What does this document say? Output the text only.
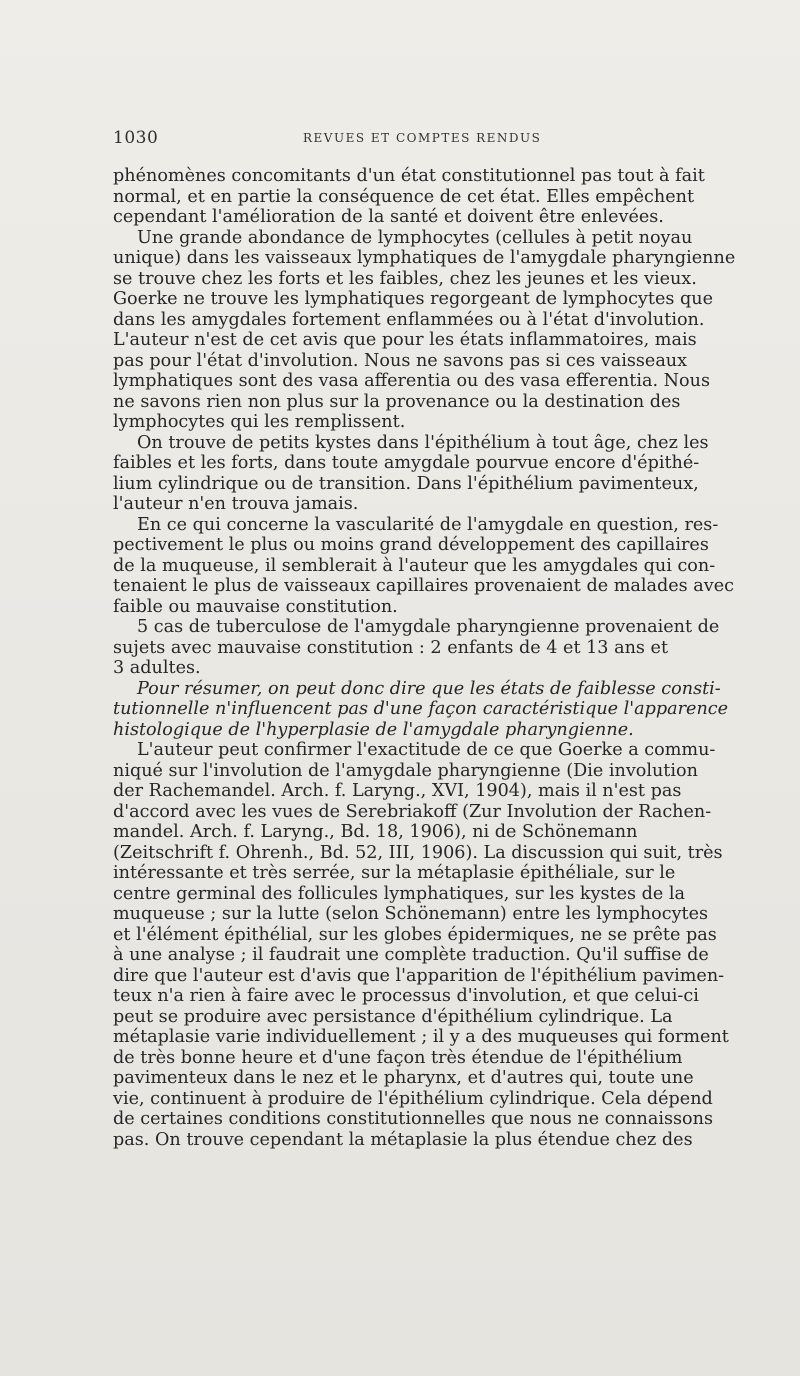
1030	REVUES ET COMPTES RENDUS
phénomènes concomitants d'un état constitutionnel pas tout à fait
normal, et en partie la conséquence de cet état. Elles empêchent
cependant l'amélioration de la santé et doivent être enlevées.
Une grande abondance de lymphocytes (cellules à petit noyau
unique) dans les vaisseaux lymphatiques de l'amygdale pharyngienne
se trouve chez les forts et les faibles, chez les jeunes et les vieux.
Goerke ne trouve les lymphatiques regorgeant de lymphocytes que
dans les amygdales fortement enflammées ou à l'état d'involution.
L'auteur n'est de cet avis que pour les états inflammatoires, mais
pas pour l'état d'involution. Nous ne savons pas si ces vaisseaux
lymphatiques sont des vasa afferentia ou des vasa efferentia. Nous
ne savons rien non plus sur la provenance ou la destination des
lymphocytes qui les remplissent.
On trouve de petits kystes dans l'épithélium à tout âge, chez les
faibles et les forts, dans toute amygdale pourvue encore d'épithé-
lium cylindrique ou de transition. Dans l'épithélium pavimenteux,
l'auteur n'en trouva jamais.
En ce qui concerne la vascularité de l'amygdale en question, res-
pectivement le plus ou moins grand développement des capillaires
de la muqueuse, il semblerait à l'auteur que les amygdales qui con-
tenaient le plus de vaisseaux capillaires provenaient de malades avec
faible ou mauvaise constitution.
5 cas de tuberculose de l'amygdale pharyngienne provenaient de
sujets avec mauvaise constitution : 2 enfants de 4 et 13 ans et
3 adultes.
Pour résumer, on peut donc dire que les états de faiblesse consti-
tutionnelle n'influencent pas d'une façon caractéristique l'apparence
histologique de l'hyperplasie de l'amygdale pharyngienne.
L'auteur peut confirmer l'exactitude de ce que Goerke a commu-
niqué sur l'involution de l'amygdale pharyngienne (Die involution
der Rachemandel. Arch. f. Laryng., XVI, 1904), mais il n'est pas
d'accord avec les vues de Serebriakoff (Zur Involution der Rachen-
mandel. Arch. f. Laryng., Bd. 18, 1906), ni de Schönemann
(Zeitschrift f. Ohrenh., Bd. 52, III, 1906). La discussion qui suit, très
intéressante et très serrée, sur la métaplasie épithéliale, sur le
centre germinal des follicules lymphatiques, sur les kystes de la
muqueuse ; sur la lutte (selon Schönemann) entre les lymphocytes
et l'élément épithélial, sur les globes épidermiques, ne se prête pas
à une analyse ; il faudrait une complète traduction. Qu'il suffise de
dire que l'auteur est d'avis que l'apparition de l'épithélium pavimen-
teux n'a rien à faire avec le processus d'involution, et que celui-ci
peut se produire avec persistance d'épithélium cylindrique. La
métaplasie varie individuellement ; il y a des muqueuses qui forment
de très bonne heure et d'une façon très étendue de l'épithélium
pavimenteux dans le nez et le pharynx, et d'autres qui, toute une
vie, continuent à produire de l'épithélium cylindrique. Cela dépend
de certaines conditions constitutionnelles que nous ne connaissons
pas. On trouve cependant la métaplasie la plus étendue chez des
